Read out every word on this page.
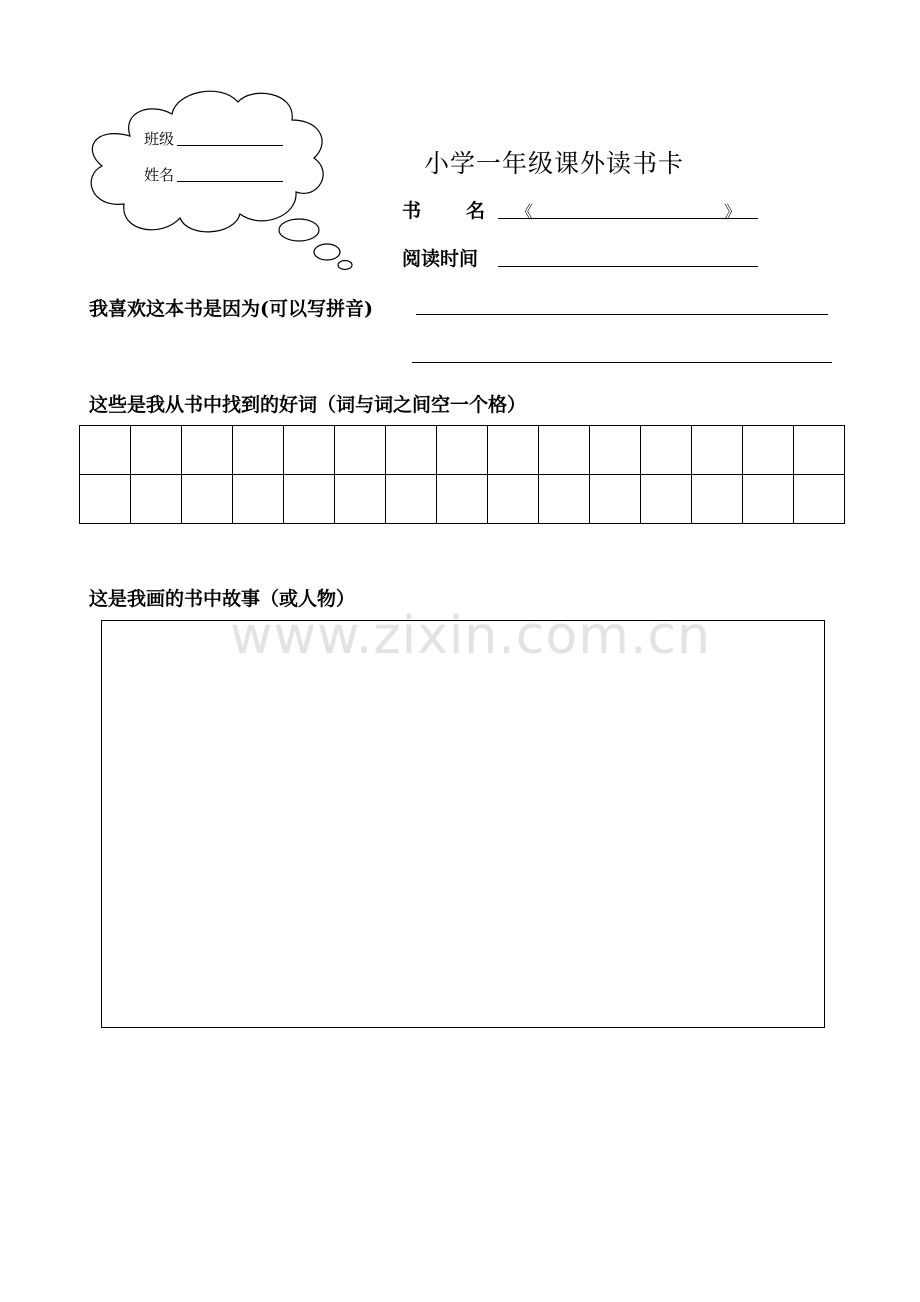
班级
姓名	小学一年级课外读书卡
书 名 《	》
阅读时间
我喜欢这本书是因为(可以写拼音)
这些是我从书中找到的好词（词与词之间空一个格）

这是我画的书中故事（或人物）
www.zixin.com.cn
